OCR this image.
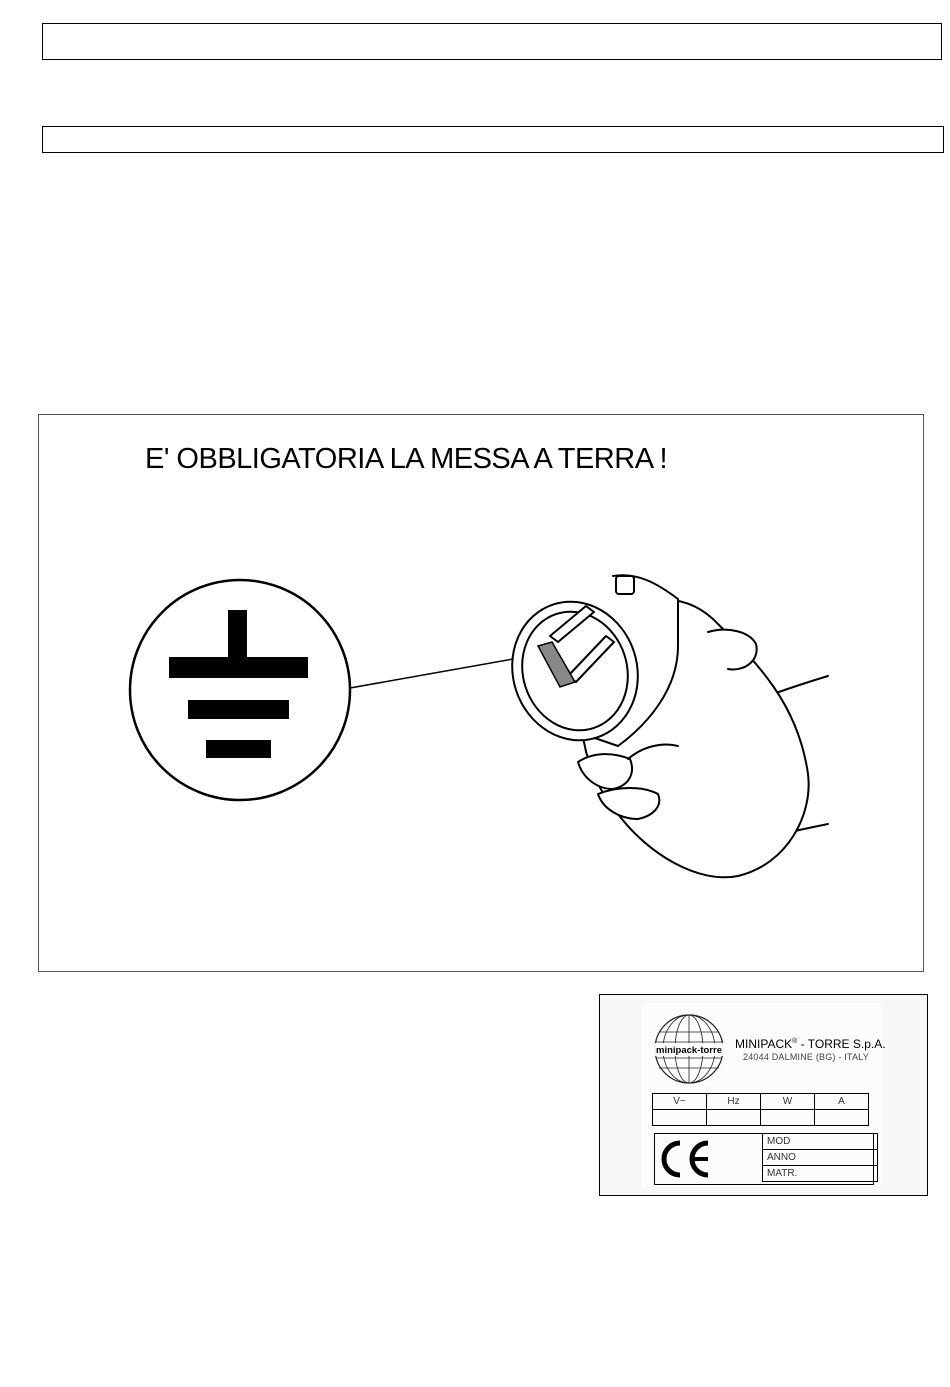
E' OBBLIGATORIA LA MESSA A TERRA !
minipack-torre MINIPACK® - TORRE S.p.A.
24044 DALMINE (BG) - ITALY
V~	Hz	W	A

MOD
ANNO
MATR.
